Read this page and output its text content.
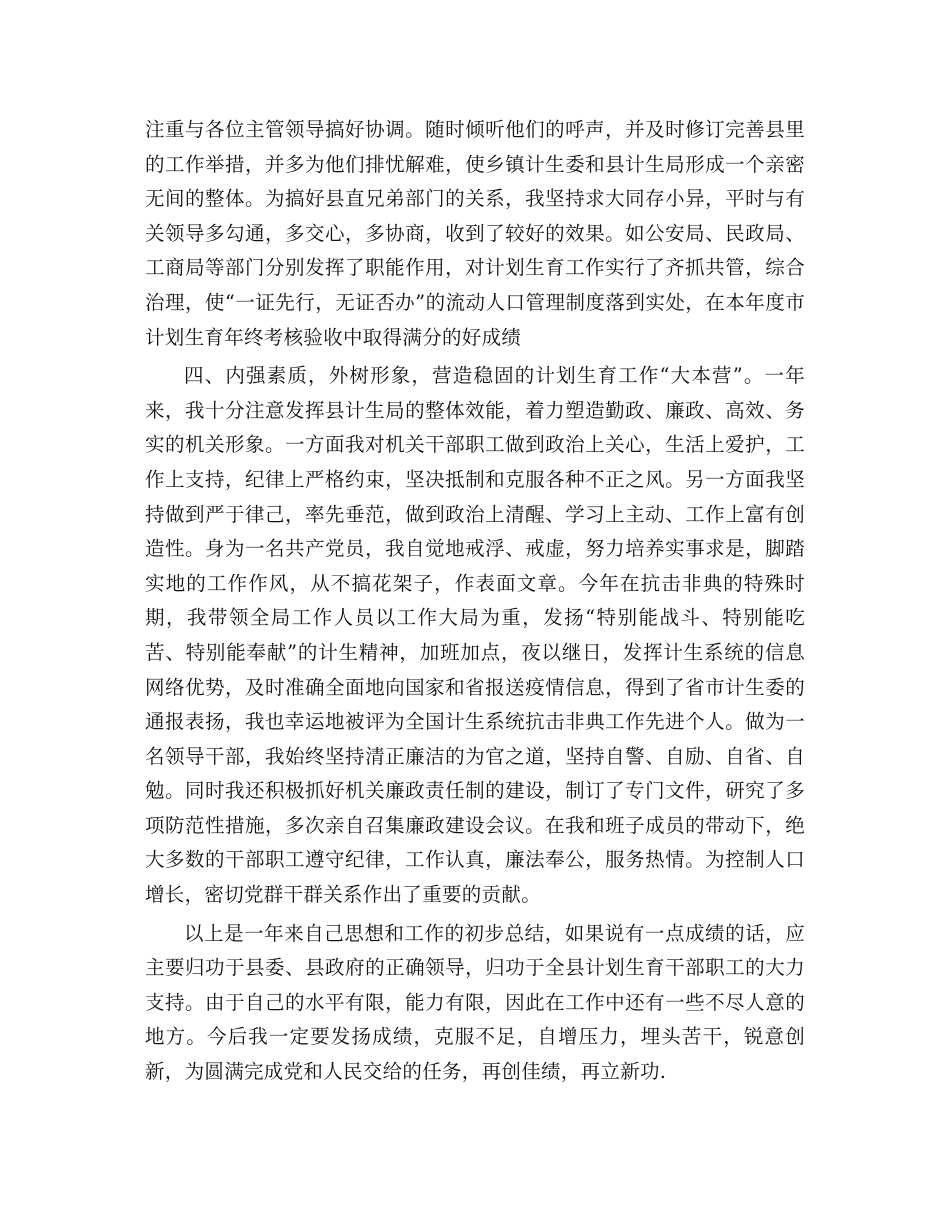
注重与各位主管领导搞好协调。随时倾听他们的呼声，并及时修订完善县里的工作举措，并多为他们排忧解难，使乡镇计生委和县计生局形成一个亲密无间的整体。为搞好县直兄弟部门的关系，我坚持求大同存小异，平时与有关领导多勾通，多交心，多协商，收到了较好的效果。如公安局、民政局、工商局等部门分别发挥了职能作用，对计划生育工作实行了齐抓共管，综合治理，使“一证先行，无证否办”的流动人口管理制度落到实处，在本年度市计划生育年终考核验收中取得满分的好成绩

四、内强素质，外树形象，营造稳固的计划生育工作“大本营”。一年来，我十分注意发挥县计生局的整体效能，着力塑造勤政、廉政、高效、务实的机关形象。一方面我对机关干部职工做到政治上关心，生活上爱护，工作上支持，纪律上严格约束，坚决抵制和克服各种不正之风。另一方面我坚持做到严于律己，率先垂范，做到政治上清醒、学习上主动、工作上富有创造性。身为一名共产党员，我自觉地戒浮、戒虚，努力培养实事求是，脚踏实地的工作作风，从不搞花架子，作表面文章。今年在抗击非典的特殊时期，我带领全局工作人员以工作大局为重，发扬“特别能战斗、特别能吃苦、特别能奉献”的计生精神，加班加点，夜以继日，发挥计生系统的信息网络优势，及时准确全面地向国家和省报送疫情信息，得到了省市计生委的通报表扬，我也幸运地被评为全国计生系统抗击非典工作先进个人。做为一名领导干部，我始终坚持清正廉洁的为官之道，坚持自警、自励、自省、自勉。同时我还积极抓好机关廉政责任制的建设，制订了专门文件，研究了多项防范性措施，多次亲自召集廉政建设会议。在我和班子成员的带动下，绝大多数的干部职工遵守纪律，工作认真，廉法奉公，服务热情。为控制人口增长，密切党群干群关系作出了重要的贡献。

以上是一年来自己思想和工作的初步总结，如果说有一点成绩的话，应主要归功于县委、县政府的正确领导，归功于全县计划生育干部职工的大力支持。由于自己的水平有限，能力有限，因此在工作中还有一些不尽人意的地方。今后我一定要发扬成绩，克服不足，自增压力，埋头苦干，锐意创新，为圆满完成党和人民交给的任务，再创佳绩，再立新功.
